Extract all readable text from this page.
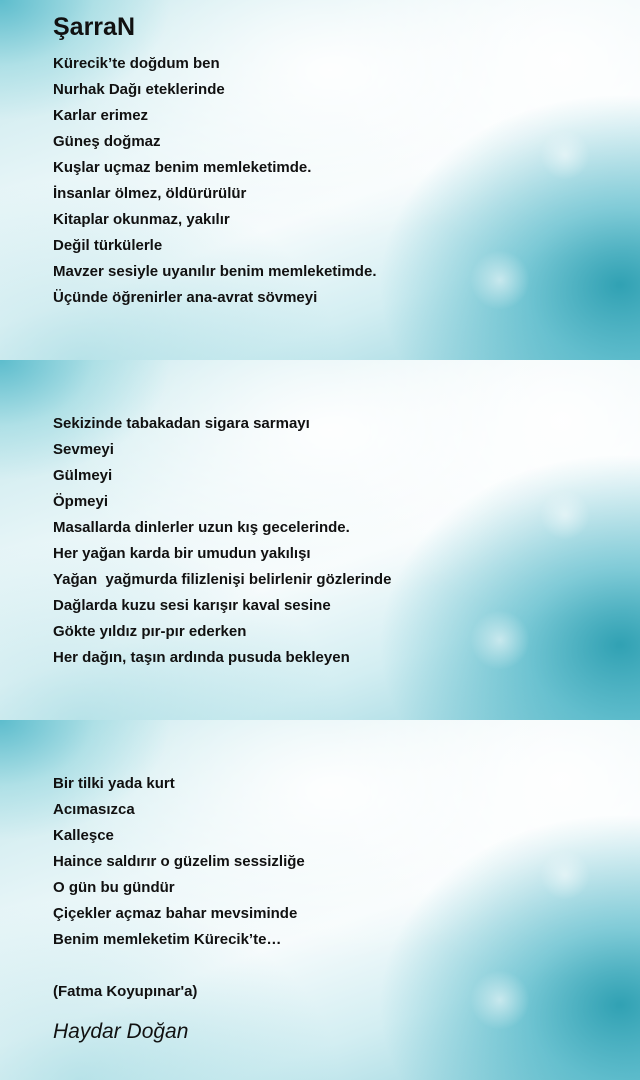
ŞarraN
Kürecik’te doğdum ben
Nurhak Dağı eteklerinde
Karlar erimez
Güneş doğmaz
Kuşlar uçmaz benim memleketimde.
İnsanlar ölmez, öldürürülür
Kitaplar okunmaz, yakılır
Değil türkülerle
Mavzer sesiyle uyanılır benim memleketimde.
Üçünde öğrenirler ana-avrat sövmeyi
Sekizinde tabakadan sigara sarmayı
Sevmeyi
Gülmeyi
Öpmeyi
Masallarda dinlerler uzun kış gecelerinde.
Her yağan karda bir umudun yakılışı
Yağan  yağmurda filizlenişi belirlenir gözlerinde
Dağlarda kuzu sesi karışır kaval sesine
Gökte yıldız pır-pır ederken
Her dağın, taşın ardında pusuda bekleyen
Bir tilki yada kurt
Acımasızca
Kalleşce
Haince saldırır o güzelim sessizliğe
O gün bu gündür
Çiçekler açmaz bahar mevsiminde
Benim memleketim Kürecik’te…
(Fatma Koyupınar'a)
Haydar Doğan
